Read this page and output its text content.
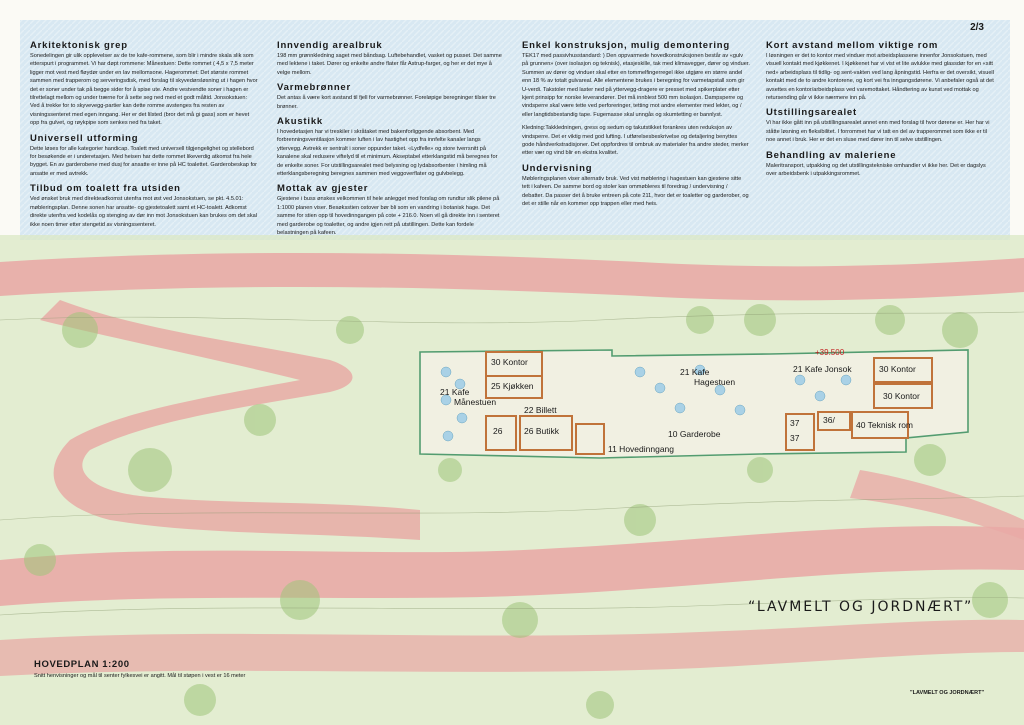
2/3
Arkitektonisk grep

Sonedelingen gir ulik opplevelser av de tre kafe-rommene, som blir i mindre skala slik som etterspurt i programmet. Vi har døpt rommene: Månestuen: Dette rommet ( 4,5 x 7,5 meter ligger mot vest med fløydør under en lav mellomsone. Hagerommet: Det største rommet sammen med trapperom og serveringsdisk, med forslag til skyvedørsløsning ut i hagen hvor det er soner under tak på begge sider for å spise ute. Andre vestvendte soner i hagen er tilrettelagt mellom og under trærne for å sette seg ned med et godt måltid. Jonsokstuen: Ved å trekke for to skyvevegg-partier kan dette romme avstenges fra resten av visningssenteret med egen inngang. Her er det lilsted (bror det må gi gass) som er hevet opp fra gulvet, og røykpipe som senkes ned fra taket.

Universell utforming

Dette løses for alle kategorier handicap. Toalett med universell tilgjengelighet og stellebord for besøkende er i underetasjen. Med heisen har dette rommet likeverdig atkomst fra hele bygget. En av garderobene med dusj for ansatte er inne på HC toalettet. Garderobeskap for ansatte er med avtrekk.

Tilbud om toalett fra utsiden

Ved ønsket bruk med direkteadkomst utenfra mot øst ved Jonsokstuen, se pkt. 4.5.01: møbleringsplan. Denne sonen har ansatte- og gjestetoalett samt et HC-toalett. Adkomst direkte utenfra ved kodelås og stenging av dør inn mot Jonsokstuen kan brukes om det skal ikke noen timer etter stengetid av visningssenteret.

Innvendig arealbruk

198 mm grønnkledning saget med båndsag. Luftebehandlet, vasket og pusset. Det samme med lektene i taket. Dører og enkelte andre flater får Astrup-farger, og her er det mye å velge mellom.

Varmebrønner

Det antas å være kort avstand til fjell for varmebrønner. Foreløpige beregninger tilsier tre brønner.

Akustikk

I hovedetasjen har vi treskiler i skråtaket med bakenforliggende absorbent. Med forbrenningsventilasjon kommer luften i lav hastighet opp fra innfelte kanaler langs yttervegg. Avtrekk er sentralt i soner oppunder taket. «Lydfelle» og store tverrsnitt på kanalene skal redusere viftelyd til et minimum. Akseptabel etterklangstid må beregnes for de enkelte soner. For utstillingsarealet med belysning og lydabsorbenter i himling må etterklangsberegning beregnes sammen med veggoverflater og gulvbelegg.

Mottak av gjester

Gjestene i buss ønskes velkommen til hele anlegget med forslag om rundtur slik pilene på 1:1000 planen viser. Besøksstien ostover bør bli som en vandring i botanisk hage. Det samme for stien opp til hovedinngangen på cote + 216.0. Noen vil gå direkte inn i senteret med garderobe og toaletter, og andre igjen rett på utstillingen. Dette kan fordele belastningen på kafeen.

Enkel konstruksjon, mulig demontering

TEK17 med passivhusstandard: ) Den oppvarmede hovedkonstruksjonen består av «gulv på grunnen» (over isolasjon og teknisk), etasjeskille, tak med klimavegger, dører og vinduer. Summen av dører og vinduer skal etter en tommelfingerregel ikke utgjøre en større andel enn 18 % av totalt gulvareal. Alle elementene brukes i beregning for varmetapstall som gir U-verdi. Takstoler med laster ned på yttervegg-dragere er presset med spikerplater etter kjent prinsipp for norske leverandører. Det må innblest 500 mm isolasjon. Dampsperre og vindsperre skal være tette ved perforeringer, tetting mot andre elementer med lekter, og / eller langtidsbestandig tape. Fugemasse skal unngås og skumtetting er bannlyst.

Kledning:Takkledningen, gress og sedum og takutstikket forankres uten reduksjon av vindsperre. Det er viktig med god lufting. I utførelsesbeskrivelse og detaljering benyttes gode håndverkstradisjoner. Det oppfordres til ombruk av materialer fra andre steder, merker etter vær og vind blir en ekstra kvalitet.

Undervisning

Møbleringsplanen viser alternativ bruk. Ved vist møblering i hagestuen kan gjestene sitte tett i kafeen. De samme bord og stoler kan ommøbleres til foredrag / undervisning / debatter. Da passer det å bruke entreen på cote 211, hvor det er toaletter og garderober, og det er stille når en kommer opp trappen eller med heis.

Kort avstand mellom viktige rom

I løsningen er det to kontor med vinduer mot arbeidsplassene innenfor Jonsokstuen, med visuell kontakt med kjøkkenet. I kjøkkenet har vi vist et lite avlukke med glassdør for en «sitt ned» arbeidsplass til tidlig- og sent-vakten ved lang åpningstid. Herfra er det oversikt, visuell kontakt med de to andre kontorene, og kort vei fra inngangsdørene. Vi anbefaler også at det avsettes en kontor/arbeidsplass ved varemottaket. Håndtering av kunst ved mottak og retursending går vi ikke nærmere inn på.

Utstillingsarealet

Vi har ikke gått inn på utstillingsarealet annet enn med forslag til hvor dørene er. Her har vi ståtte løsning en fleksibilitet. I forrommet har vi tatt en del av trapperommet som ikke er til noe annet i bruk. Her er det en sluse med dører inn til selve utstillingen.

Behandling av maleriene

Maleritransport, utpakking og det utstillingstekniske omhandler vi ikke her. Det er dagslys over arbeidsbenk i utpakkingsrommet.

30 Kontor
25 Kjøkken
21 Kafe
Månestuen
22 Billett
26	26 Butikk
11 Hovedinngang
10 Garderobe
21 Kafe
Hagestuen
21 Kafe Jonsok	30 Kontor
30 Kontor
37	36/
37
40 Teknisk rom
+39.500
“LAVMELT OG JORDNÆRT”
"LAVMELT OG JORDNÆRT"
HOVEDPLAN 1:200
Snitt henvisninger og mål til senter fylkesvei er angitt. Mål til støpen i vest er 16 meter
